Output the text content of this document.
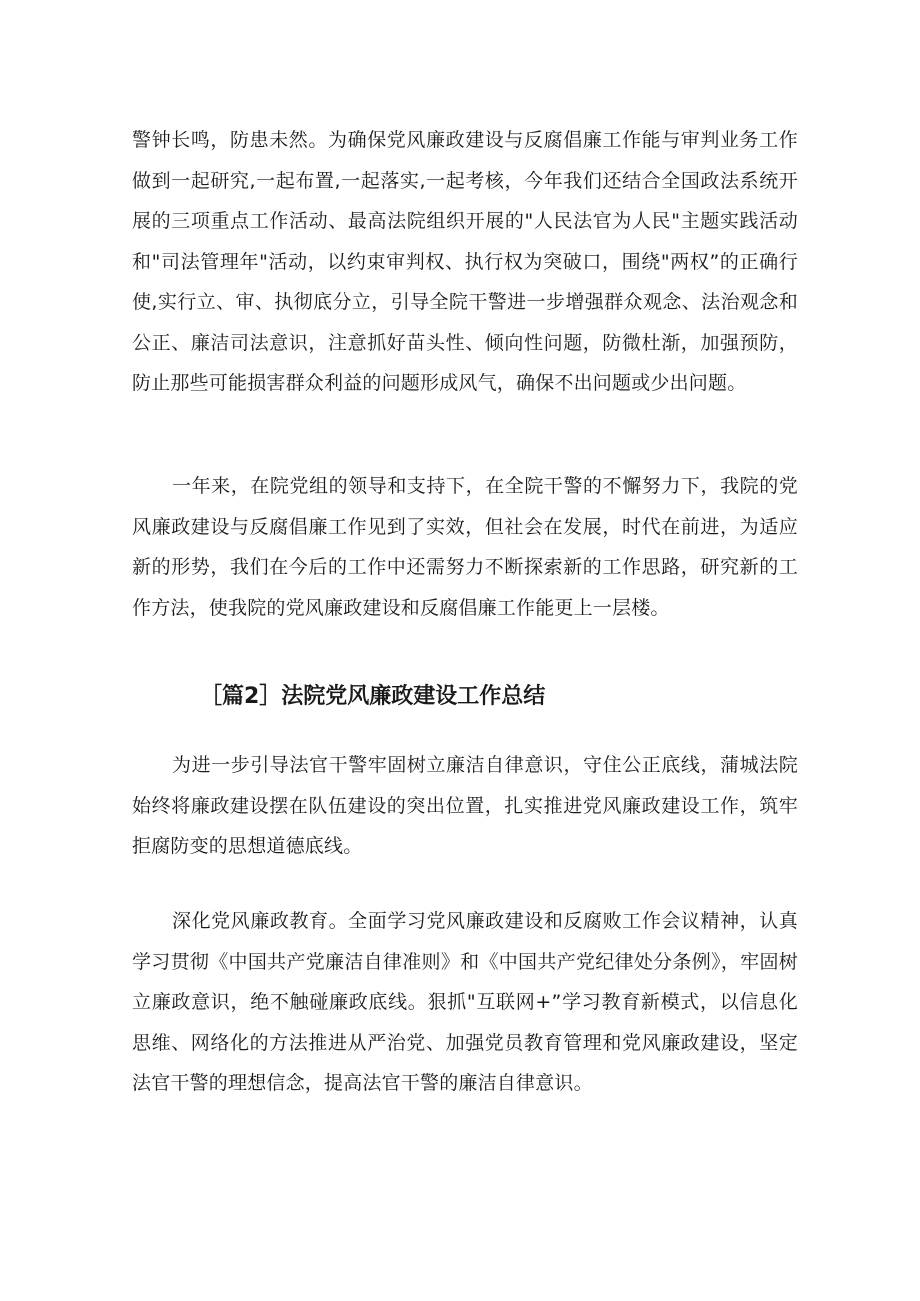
警钟长鸣，防患未然。为确保党风廉政建设与反腐倡廉工作能与审判业务工作做到一起研究,一起布置,一起落实,一起考核，今年我们还结合全国政法系统开展的三项重点工作活动、最高法院组织开展的"人民法官为人民"主题实践活动和"司法管理年"活动，以约束审判权、执行权为突破口，围绕"两权”的正确行使,实行立、审、执彻底分立，引导全院干警进一步增强群众观念、法治观念和公正、廉洁司法意识，注意抓好苗头性、倾向性问题，防微杜渐，加强预防，防止那些可能损害群众利益的问题形成风气，确保不出问题或少出问题。

一年来，在院党组的领导和支持下，在全院干警的不懈努力下，我院的党风廉政建设与反腐倡廉工作见到了实效，但社会在发展，时代在前进，为适应新的形势，我们在今后的工作中还需努力不断探索新的工作思路，研究新的工作方法，使我院的党风廉政建设和反腐倡廉工作能更上一层楼。

［篇2］法院党风廉政建设工作总结

为进一步引导法官干警牢固树立廉洁自律意识，守住公正底线，蒲城法院始终将廉政建设摆在队伍建设的突出位置，扎实推进党风廉政建设工作，筑牢拒腐防变的思想道德底线。

深化党风廉政教育。全面学习党风廉政建设和反腐败工作会议精神，认真学习贯彻《中国共产党廉洁自律准则》和《中国共产党纪律处分条例》，牢固树立廉政意识，绝不触碰廉政底线。狠抓"互联网+”学习教育新模式，以信息化思维、网络化的方法推进从严治党、加强党员教育管理和党风廉政建设，坚定法官干警的理想信念，提高法官干警的廉洁自律意识。
